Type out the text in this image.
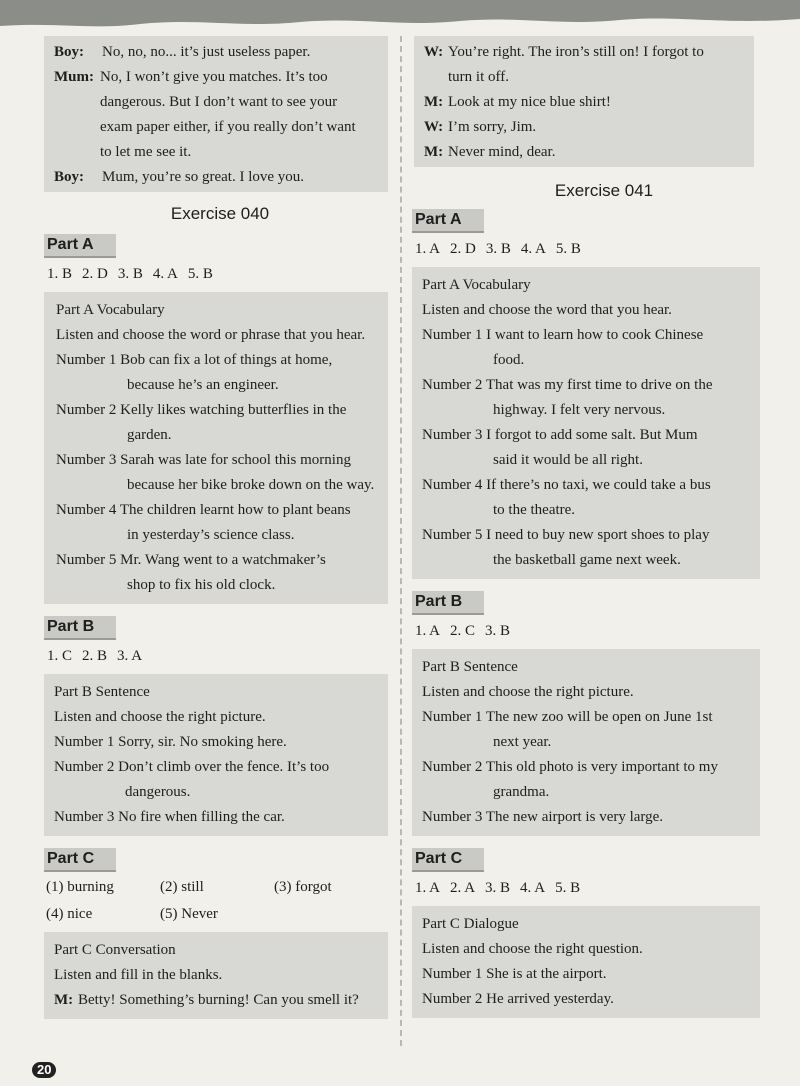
Boy: No, no, no... it’s just useless paper.
Mum: No, I won’t give you matches. It’s too
dangerous. But I don’t want to see your
exam paper either, if you really don’t want
to let me see it.
Boy: Mum, you’re so great. I love you.
Exercise 040
Part A
1. B 2. D 3. B 4. A 5. B
Part A Vocabulary
Listen and choose the word or phrase that you hear.
Number 1 Bob can fix a lot of things at home,
because he’s an engineer.
Number 2 Kelly likes watching butterflies in the
garden.
Number 3 Sarah was late for school this morning
because her bike broke down on the way.
Number 4 The children learnt how to plant beans
in yesterday’s science class.
Number 5 Mr. Wang went to a watchmaker’s
shop to fix his old clock.
Part B
1. C 2. B 3. A
Part B Sentence
Listen and choose the right picture.
Number 1 Sorry, sir. No smoking here.
Number 2 Don’t climb over the fence. It’s too
dangerous.
Number 3 No fire when filling the car.
Part C
(1) burning	(2) still	(3) forgot
(4) nice	(5) Never
Part C Conversation
Listen and fill in the blanks.
M: Betty! Something’s burning! Can you smell it?
W: You’re right. The iron’s still on! I forgot to
turn it off.
M: Look at my nice blue shirt!
W: I’m sorry, Jim.
M: Never mind, dear.
Exercise 041
Part A
1. A 2. D 3. B 4. A 5. B
Part A Vocabulary
Listen and choose the word that you hear.
Number 1 I want to learn how to cook Chinese
food.
Number 2 That was my first time to drive on the
highway. I felt very nervous.
Number 3 I forgot to add some salt. But Mum
said it would be all right.
Number 4 If there’s no taxi, we could take a bus
to the theatre.
Number 5 I need to buy new sport shoes to play
the basketball game next week.
Part B
1. A 2. C 3. B
Part B Sentence
Listen and choose the right picture.
Number 1 The new zoo will be open on June 1st
next year.
Number 2 This old photo is very important to my
grandma.
Number 3 The new airport is very large.
Part C
1. A 2. A 3. B 4. A 5. B
Part C Dialogue
Listen and choose the right question.
Number 1 She is at the airport.
Number 2 He arrived yesterday.
20
